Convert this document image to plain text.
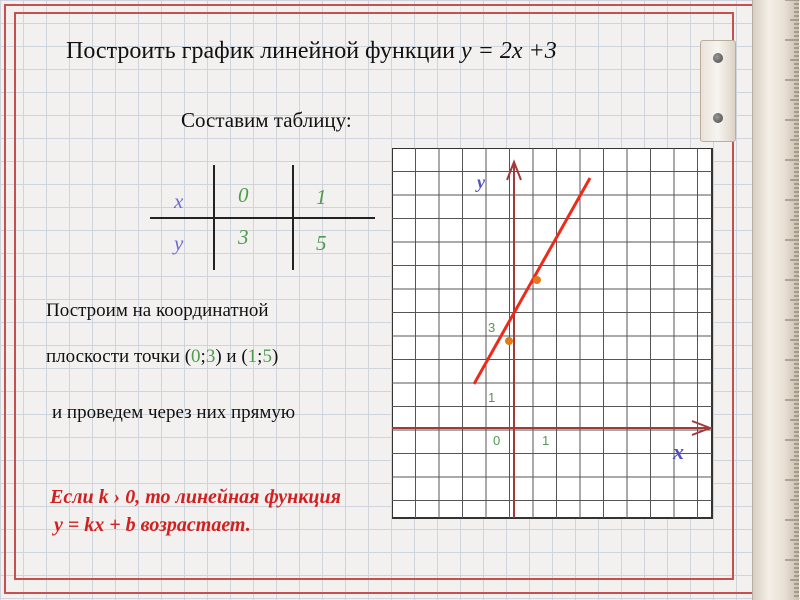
Построить график линейной функции y = 2x +3
Составим таблицу:
x
y
0
3
1
5
Построим на координатной
плоскости точки (0;3) и (1;5)
и проведем через них прямую
Если k › 0, то линейная функция
y = kx + b возрастает.
y
x
0	1
1
3
